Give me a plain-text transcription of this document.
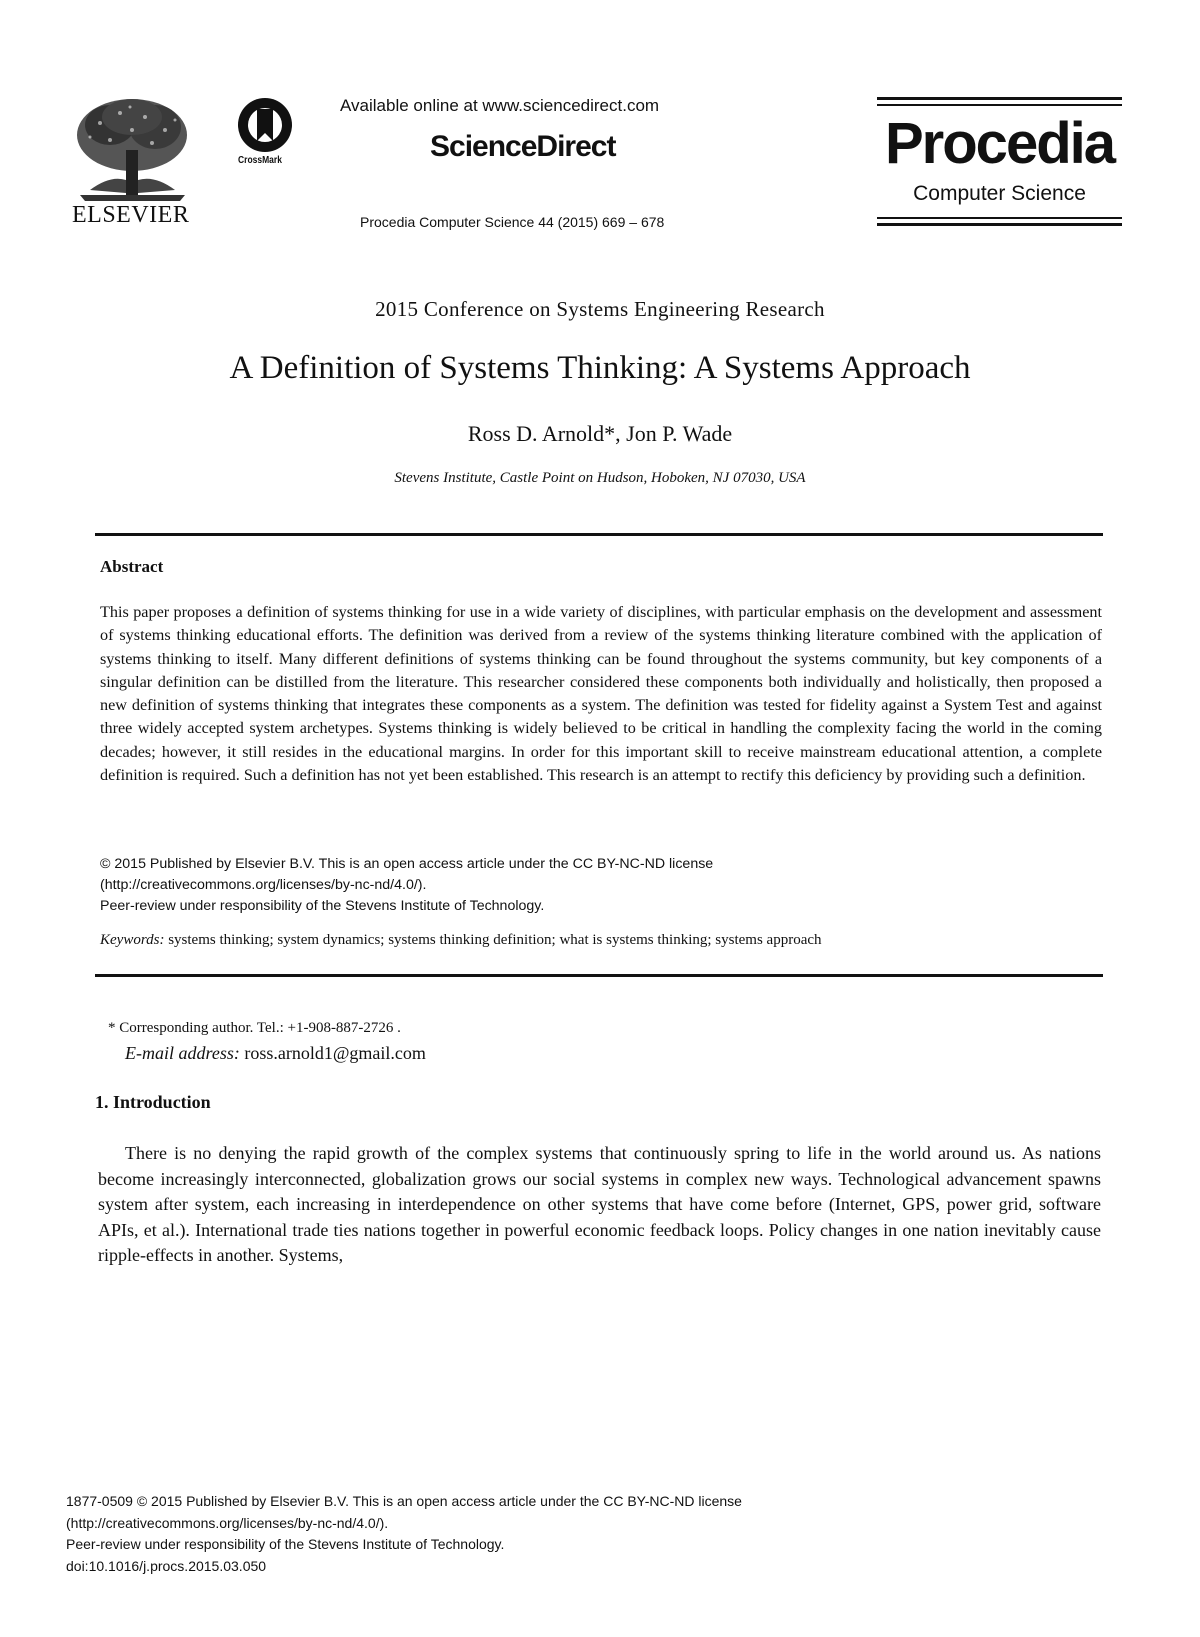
ELSEVIER
CrossMark
Available online at www.sciencedirect.com
ScienceDirect
Procedia Computer Science 44 (2015) 669 – 678
Procedia
Computer Science
2015 Conference on Systems Engineering Research
A Definition of Systems Thinking: A Systems Approach
Ross D. Arnold*, Jon P. Wade
Stevens Institute, Castle Point on Hudson, Hoboken, NJ 07030, USA
Abstract
This paper proposes a definition of systems thinking for use in a wide variety of disciplines, with particular emphasis on the development and assessment of systems thinking educational efforts. The definition was derived from a review of the systems thinking literature combined with the application of systems thinking to itself. Many different definitions of systems thinking can be found throughout the systems community, but key components of a singular definition can be distilled from the literature. This researcher considered these components both individually and holistically, then proposed a new definition of systems thinking that integrates these components as a system. The definition was tested for fidelity against a System Test and against three widely accepted system archetypes. Systems thinking is widely believed to be critical in handling the complexity facing the world in the coming decades; however, it still resides in the educational margins. In order for this important skill to receive mainstream educational attention, a complete definition is required. Such a definition has not yet been established. This research is an attempt to rectify this deficiency by providing such a definition.
© 2015 Published by Elsevier B.V. This is an open access article under the CC BY-NC-ND license
(http://creativecommons.org/licenses/by-nc-nd/4.0/).
Peer-review under responsibility of the Stevens Institute of Technology.
Keywords: systems thinking; system dynamics; systems thinking definition; what is systems thinking; systems approach
* Corresponding author. Tel.: +1-908-887-2726 .
E-mail address: ross.arnold1@gmail.com
1. Introduction
There is no denying the rapid growth of the complex systems that continuously spring to life in the world around us. As nations become increasingly interconnected, globalization grows our social systems in complex new ways. Technological advancement spawns system after system, each increasing in interdependence on other systems that have come before (Internet, GPS, power grid, software APIs, et al.). International trade ties nations together in powerful economic feedback loops. Policy changes in one nation inevitably cause ripple-effects in another. Systems,
1877-0509 © 2015 Published by Elsevier B.V. This is an open access article under the CC BY-NC-ND license
(http://creativecommons.org/licenses/by-nc-nd/4.0/).
Peer-review under responsibility of the Stevens Institute of Technology.
doi:10.1016/j.procs.2015.03.050
